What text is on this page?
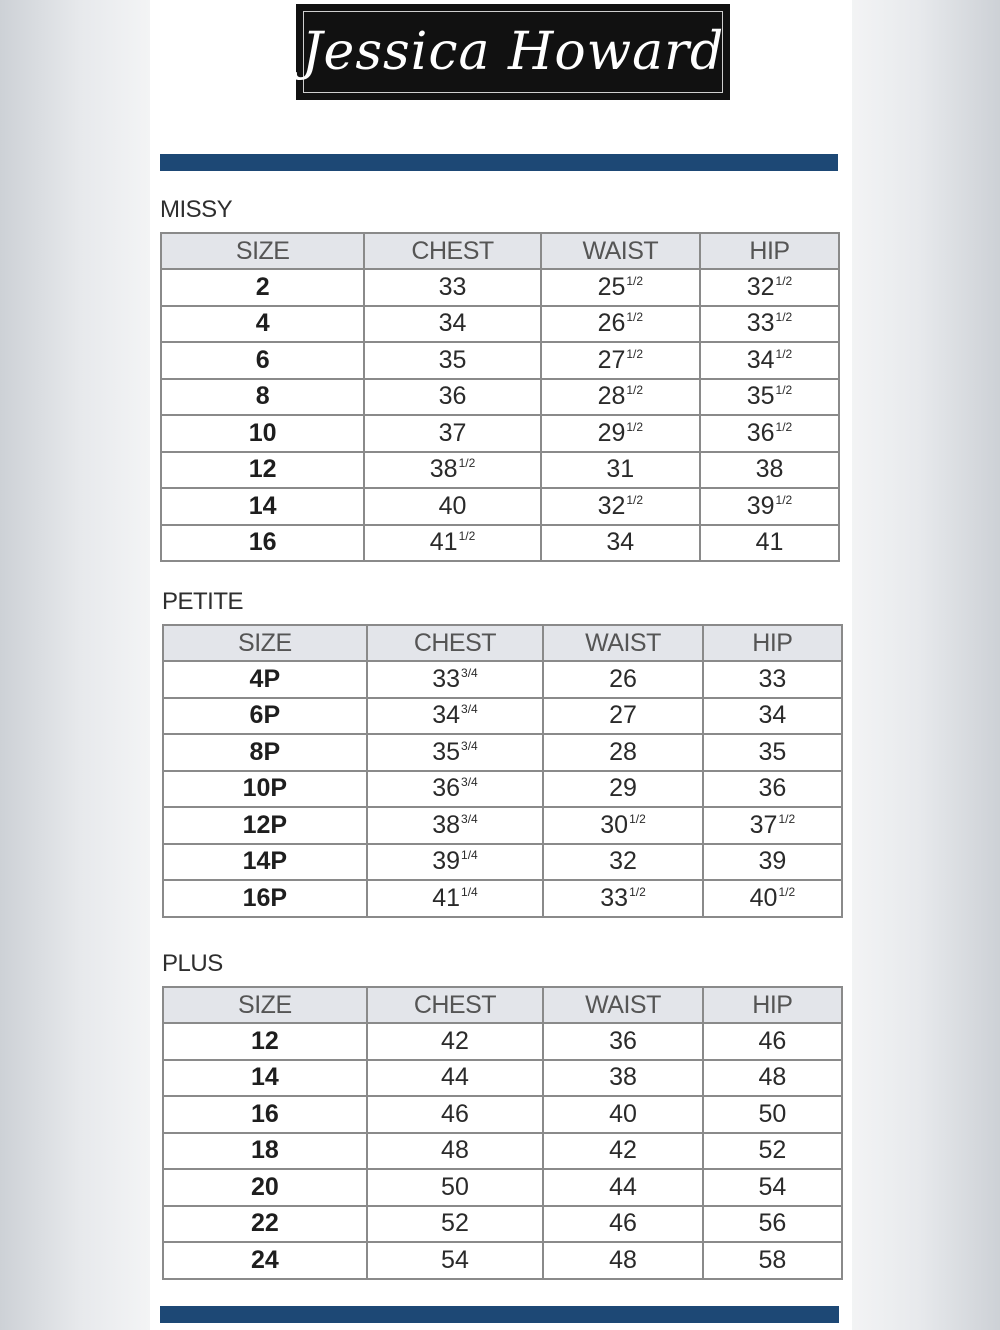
Jessica Howard
MISSY
SIZE	CHEST	WAIST	HIP
2	33	$25^{1/2}$	$32^{1/2}$
4	34	$26^{1/2}$	$33^{1/2}$
6	35	$27^{1/2}$	$34^{1/2}$
8	36	$28^{1/2}$	$35^{1/2}$
10	37	$29^{1/2}$	$36^{1/2}$
12	$38^{1/2}$	31	38
14	40	$32^{1/2}$	$39^{1/2}$
16	$41^{1/2}$	34	41
PETITE
SIZE	CHEST	WAIST	HIP
4P	$33^{3/4}$	26	33
6P	$34^{3/4}$	27	34
8P	$35^{3/4}$	28	35
10P	$36^{3/4}$	29	36
12P	$38^{3/4}$	$30^{1/2}$	$37^{1/2}$
14P	$39^{1/4}$	32	39
16P	$41^{1/4}$	$33^{1/2}$	$40^{1/2}$
PLUS
SIZE	CHEST	WAIST	HIP
12	42	36	46
14	44	38	48
16	46	40	50
18	48	42	52
20	50	44	54
22	52	46	56
24	54	48	58
